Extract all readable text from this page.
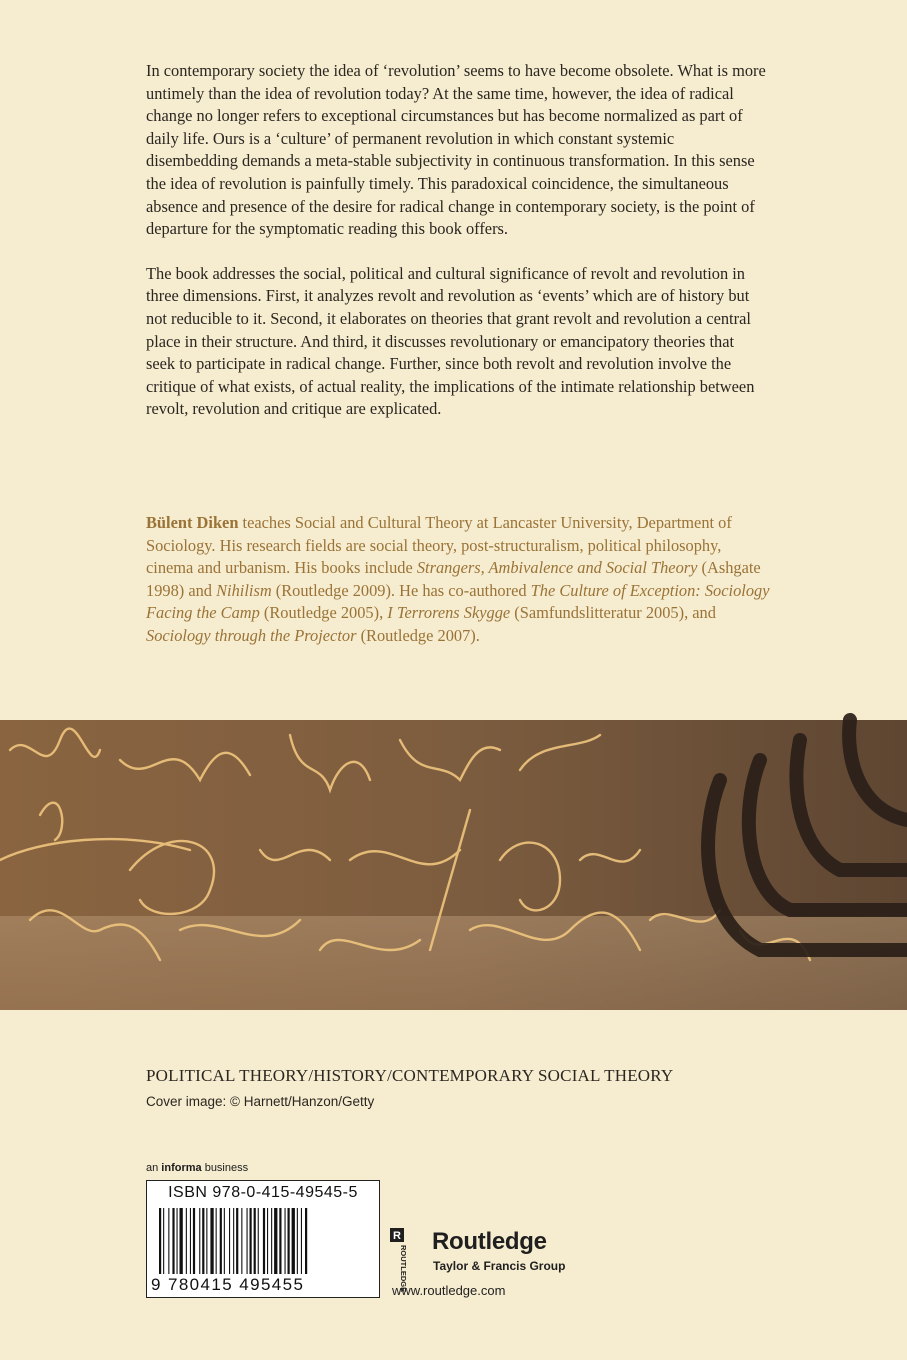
In contemporary society the idea of ‘revolution’ seems to have become obsolete. What is more untimely than the idea of revolution today? At the same time, however, the idea of radical change no longer refers to exceptional circumstances but has become normalized as part of daily life. Ours is a ‘culture’ of permanent revolution in which constant systemic disembedding demands a meta-stable subjectivity in continuous transformation. In this sense the idea of revolution is painfully timely. This paradoxical coincidence, the simultaneous absence and presence of the desire for radical change in contemporary society, is the point of departure for the symptomatic reading this book offers.

The book addresses the social, political and cultural significance of revolt and revolution in three dimensions. First, it analyzes revolt and revolution as ‘events’ which are of history but not reducible to it. Second, it elaborates on theories that grant revolt and revolution a central place in their structure. And third, it discusses revolutionary or emancipatory theories that seek to participate in radical change. Further, since both revolt and revolution involve the critique of what exists, of actual reality, the implications of the intimate relationship between revolt, revolution and critique are explicated.

Bülent Diken teaches Social and Cultural Theory at Lancaster University, Department of Sociology. His research fields are social theory, post-structuralism, political philosophy, cinema and urbanism. His books include Strangers, Ambivalence and Social Theory (Ashgate 1998) and Nihilism (Routledge 2009). He has co-authored The Culture of Exception: Sociology Facing the Camp (Routledge 2005), I Terrorens Skygge (Samfundslitteratur 2005), and Sociology through the Projector (Routledge 2007).

POLITICAL THEORY/HISTORY/CONTEMPORARY SOCIAL THEORY
Cover image: © Harnett/Hanzon/Getty
an informa business
ISBN 978-0-415-49545-5
9 780415 495455
R
ROUTLEDGE
Routledge
Taylor & Francis Group
www.routledge.com
